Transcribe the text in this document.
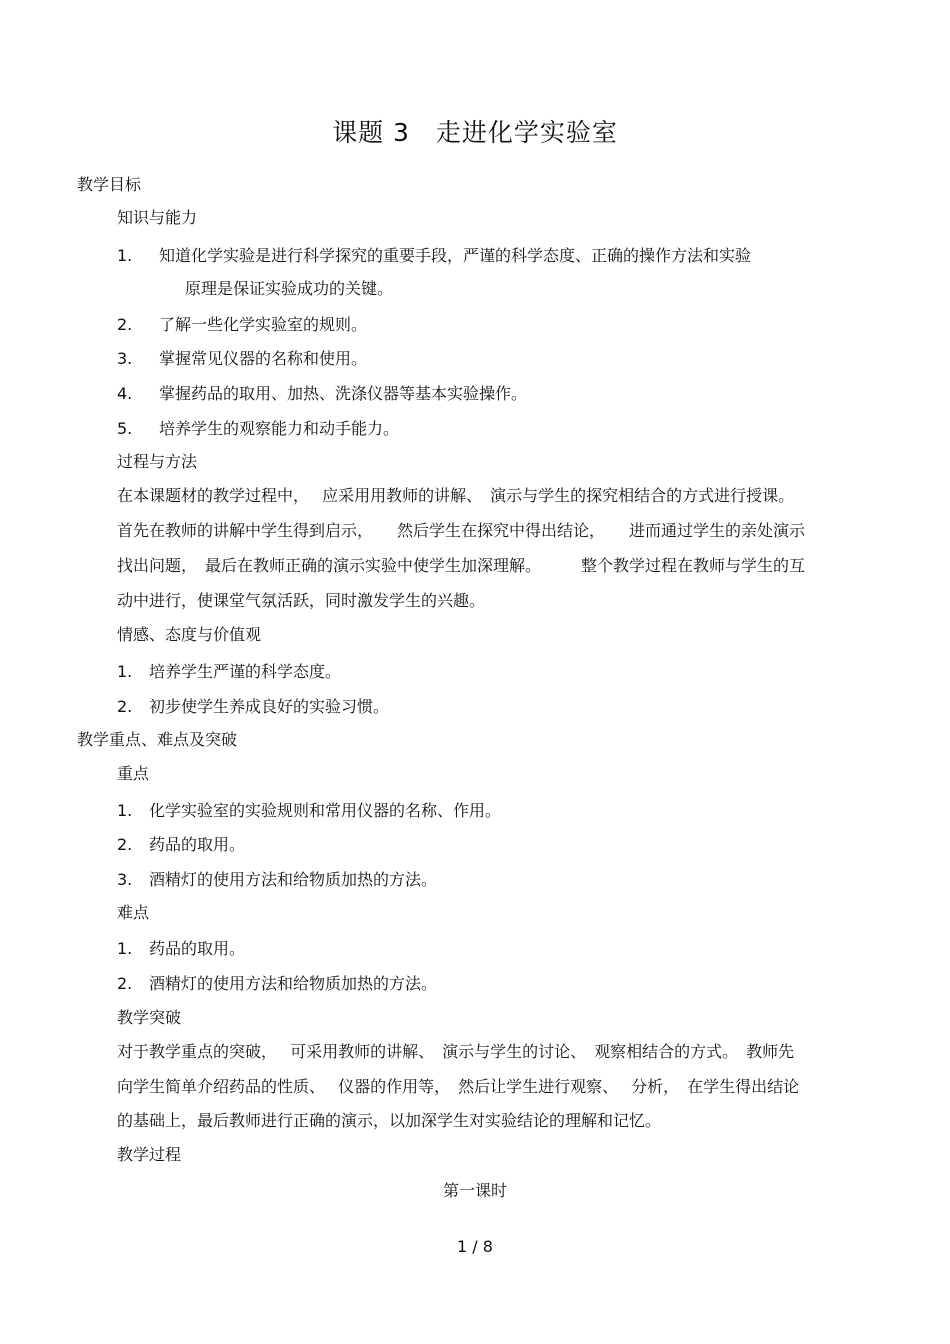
课题 3　走进化学实验室
教学目标
知识与能力
1. 知道化学实验是进行科学探究的重要手段，严谨的科学态度、正确的操作方法和实验
原理是保证实验成功的关键。
2. 了解一些化学实验室的规则。
3. 掌握常见仪器的名称和使用。
4. 掌握药品的取用、加热、洗涤仪器等基本实验操作。
5. 培养学生的观察能力和动手能力。
过程与方法
在本课题材的教学过程中，　 应采用用教师的讲解、　演示与学生的探究相结合的方式进行授课。
首先在教师的讲解中学生得到启示，　　然后学生在探究中得出结论，　　进而通过学生的亲处演示
找出问题，　最后在教师正确的演示实验中使学生加深理解。　　　整个教学过程在教师与学生的互
动中进行，使课堂气氛活跃，同时激发学生的兴趣。
情感、态度与价值观
1. 培养学生严谨的科学态度。
2. 初步使学生养成良好的实验习惯。
教学重点、难点及突破
重点
1. 化学实验室的实验规则和常用仪器的名称、作用。
2. 药品的取用。
3. 酒精灯的使用方法和给物质加热的方法。
难点
1. 药品的取用。
2. 酒精灯的使用方法和给物质加热的方法。
教学突破
对于教学重点的突破，　 可采用教师的讲解、　演示与学生的讨论、　观察相结合的方式。　教师先
向学生简单介绍药品的性质、　 仪器的作用等，　然后让学生进行观察、　 分析，　在学生得出结论
的基础上，最后教师进行正确的演示，以加深学生对实验结论的理解和记忆。
教学过程
第一课时
1 / 8
